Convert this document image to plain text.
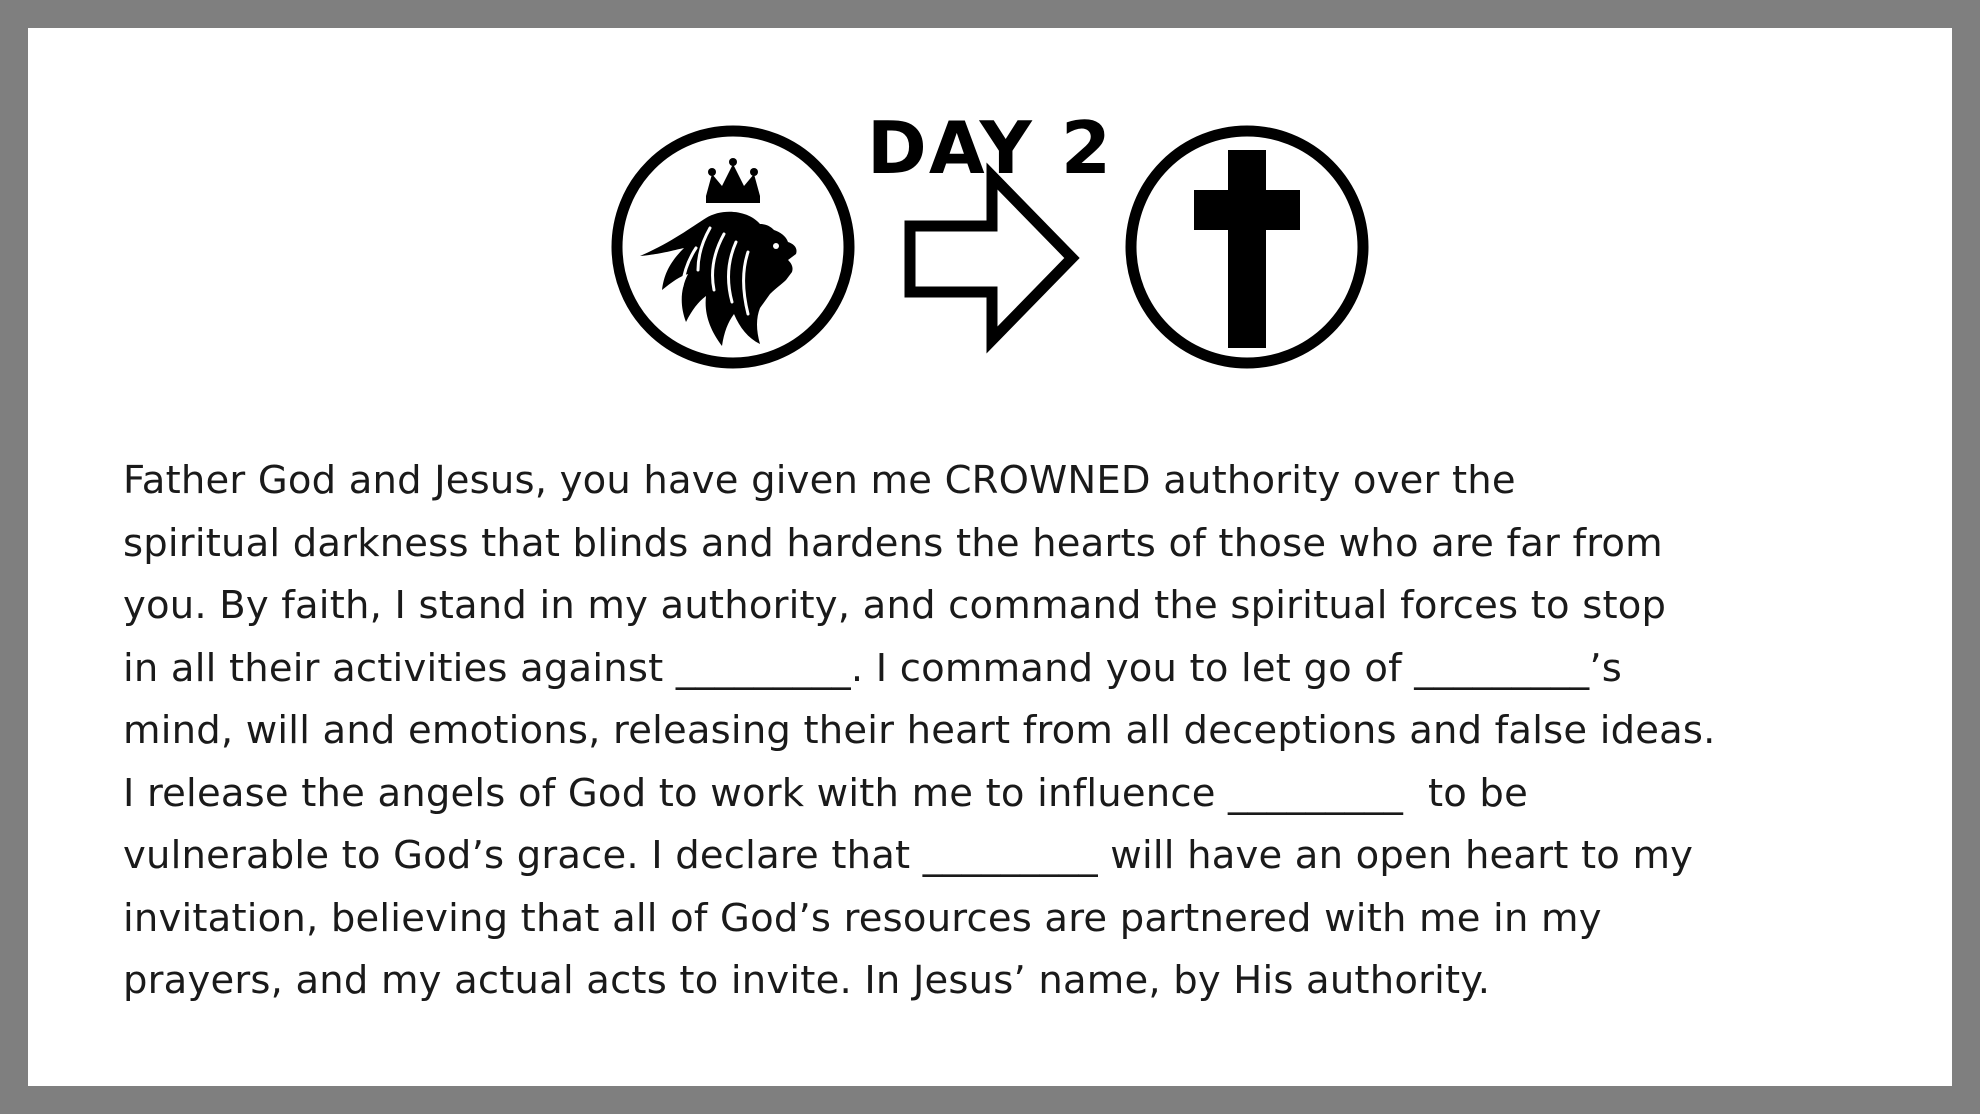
DAY 2
Father God and Jesus, you have given me CROWNED authority over the
spiritual darkness that blinds and hardens the hearts of those who are far from
you. By faith, I stand in my authority, and command the spiritual forces to stop
in all their activities against _________. I command you to let go of _________’s
mind, will and emotions, releasing their heart from all deceptions and false ideas.
I release the angels of God to work with me to influence _________  to be
vulnerable to God’s grace. I declare that _________ will have an open heart to my
invitation, believing that all of God’s resources are partnered with me in my
prayers, and my actual acts to invite. In Jesus’ name, by His authority.
